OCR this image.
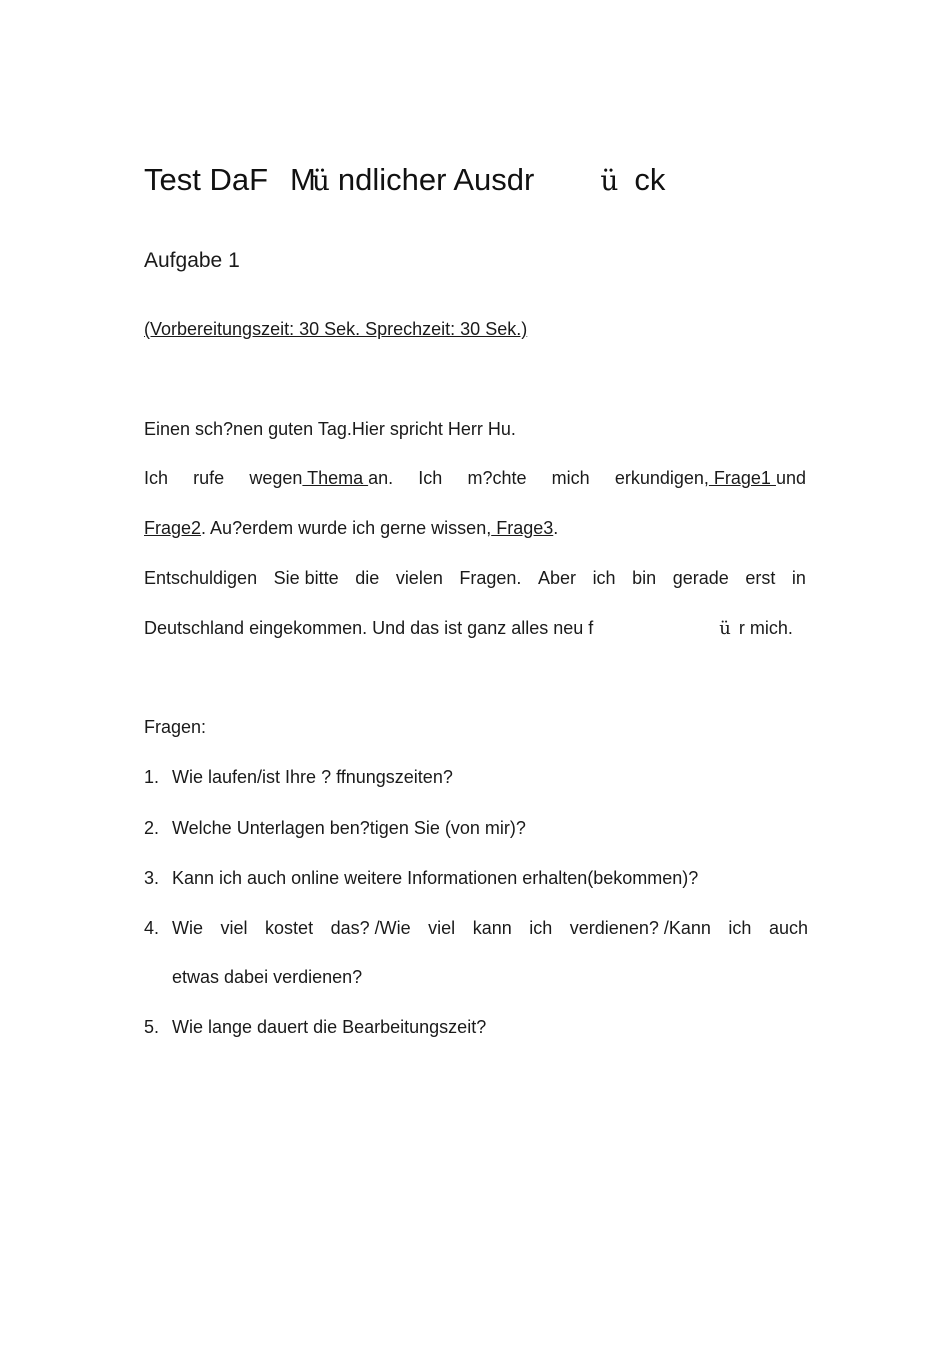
Test DaF Mü ndlicher Ausdr ü ck
Aufgabe 1
(Vorbereitungszeit: 30 Sek. Sprechzeit: 30 Sek.)
Einen sch?nen guten Tag.Hier spricht Herr Hu.
Ich rufe wegen Thema an. Ich m?chte mich erkundigen, Frage1 und
Frage2. Au?erdem wurde ich gerne wissen, Frage3.
Entschuldigen Sie bitte die vielen Fragen. Aber ich bin gerade erst in
Deutschland eingekommen. Und das ist ganz alles neu f	ü r mich.
Fragen:
1. Wie laufen/ist Ihre ? ffnungszeiten?
2. Welche Unterlagen ben?tigen Sie (von mir)?
3. Kann ich auch online weitere Informationen erhalten(bekommen)?
4. Wie viel kostet das? /Wie viel kann ich verdienen? /Kann ich auch
etwas dabei verdienen?
5. Wie lange dauert die Bearbeitungszeit?
